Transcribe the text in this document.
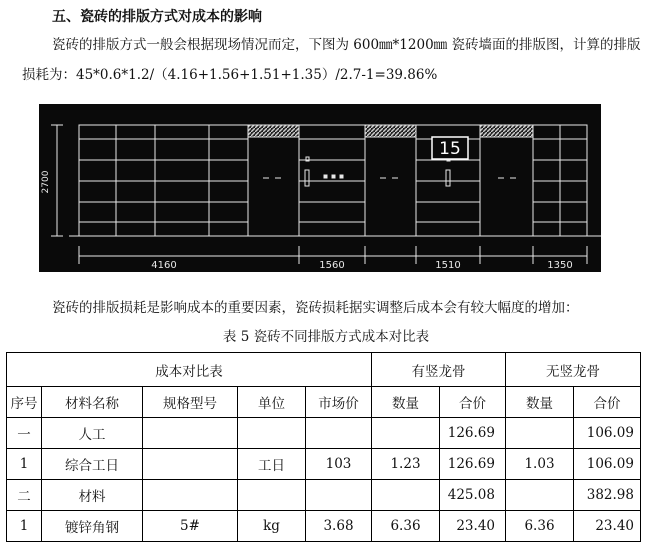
五、瓷砖的排版方式对成本的影响
瓷砖的排版方式一般会根据现场情况而定，下图为 600㎜*1200㎜ 瓷砖墙面的排版图，计算的排版
损耗为：45*0.6*1.2/（4.16+1.56+1.51+1.35）/2.7-1=39.86%
15
2700
4160	1560	1510	1350
瓷砖的排版损耗是影响成本的重要因素，瓷砖损耗据实调整后成本会有较大幅度的增加：
表 5 瓷砖不同排版方式成本对比表
成本对比表					有竖龙骨		无竖龙骨	
序号	材料名称	规格型号	单位	市场价	数量	合价	数量	合价
一	人工					126.69		106.09
1	综合工日		工日	103	1.23	126.69	1.03	106.09
二	材料					425.08		382.98
1	镀锌角钢	5#	kg	3.68	6.36	23.40	6.36	23.40
